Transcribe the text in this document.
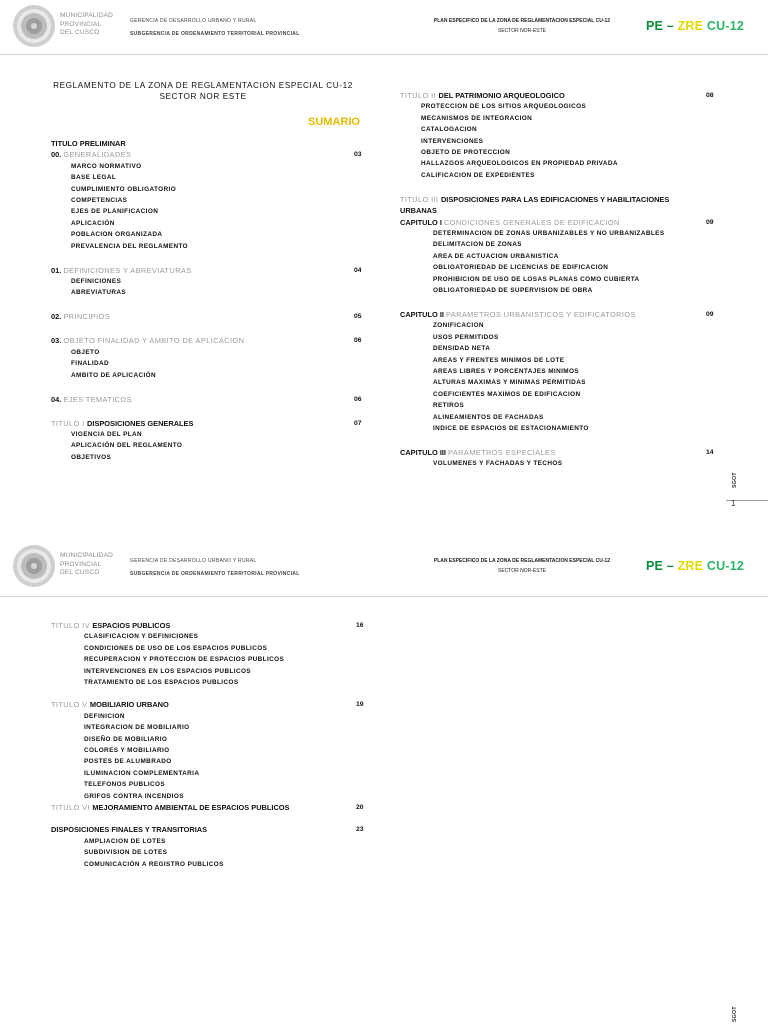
MUNICIPALIDAD
PROVINCIAL
DEL CUSCO
GERENCIA DE DESARROLLO URBANO Y RURAL
SUBGERENCIA DE ORDENAMIENTO TERRITORIAL PROVINCIAL
PLAN ESPECIFICO DE LA ZONA DE REGLAMENTACION ESPECIAL CU-12
SECTOR NOR-ESTE	PE – ZRE CU-12
REGLAMENTO DE LA ZONA DE REGLAMENTACION ESPECIAL CU-12
SECTOR NOR ESTE
SUMARIO
TITULO PRELIMINAR
00. GENERALIDADES	03
MARCO NORMATIVO
BASE LEGAL
CUMPLIMIENTO OBLIGATORIO
COMPETENCIAS
EJES DE PLANIFICACION
APLICACIÓN
POBLACION ORGANIZADA
PREVALENCIA DEL REGLAMENTO
01. DEFINICIONES Y ABREVIATURAS	04
DEFINICIONES
ABREVIATURAS
02. PRINCIPIOS	05
03. OBJETO FINALIDAD Y AMBITO DE APLICACION	06
OBJETO
FINALIDAD
AMBITO DE APLICACIÓN
04. EJES TEMATICOS	06
TITULO I DISPOSICIONES GENERALES	07
VIGENCIA DEL PLAN
APLICACIÓN DEL REGLAMENTO
OBJETIVOS
TITULO II DEL PATRIMONIO ARQUEOLOGICO	08
PROTECCION DE LOS SITIOS ARQUEOLOGICOS
MECANISMOS DE INTEGRACION
CATALOGACION
INTERVENCIONES
OBJETO DE PROTECCION
HALLAZGOS ARQUEOLOGICOS EN PROPIEDAD PRIVADA
CALIFICACION DE EXPEDIENTES
TITULO III DISPOSICIONES PARA LAS EDIFICACIONES Y HABILITACIONES
URBANAS
CAPITULO I CONDICIONES GENERALES DE EDIFICACION	09
DETERMINACION DE ZONAS URBANIZABLES Y NO URBANIZABLES
DELIMITACION DE ZONAS
AREA DE ACTUACION URBANISTICA
OBLIGATORIEDAD DE LICENCIAS DE EDIFICACION
PROHIBICION DE USO DE LOSAS PLANAS COMO CUBIERTA
OBLIGATORIEDAD DE SUPERVISION DE OBRA
CAPITULO II PARAMETROS URBANISTICOS Y EDIFICATORIOS	09
ZONIFICACION
USOS PERMITIDOS
DENSIDAD NETA
AREAS Y FRENTES MINIMOS DE LOTE
AREAS LIBRES Y PORCENTAJES MINIMOS
ALTURAS MAXIMAS Y MINIMAS PERMITIDAS
COEFICIENTES MAXIMOS DE EDIFICACION
RETIROS
ALINEAMIENTOS DE FACHADAS
INDICE DE ESPACIOS DE ESTACIONAMIENTO
CAPITULO III PARAMETROS ESPECIALES	14
VOLUMENES Y FACHADAS Y TECHOS
SGOT
1
MUNICIPALIDAD
PROVINCIAL
DEL CUSCO
GERENCIA DE DESARROLLO URBANO Y RURAL
SUBGERENCIA DE ORDENAMIENTO TERRITORIAL PROVINCIAL
PLAN ESPECIFICO DE LA ZONA DE REGLAMENTACION ESPECIAL CU-12
SECTOR NOR-ESTE	PE – ZRE CU-12
TITULO IV ESPACIOS PUBLICOS	16
CLASIFICACION Y DEFINICIONES
CONDICIONES DE USO DE LOS ESPACIOS PUBLICOS
RECUPERACION Y PROTECCION DE ESPACIOS PUBLICOS
INTERVENCIONES EN LOS ESPACIOS PUBLICOS
TRATAMIENTO DE LOS ESPACIOS PUBLICOS
TITULO V MOBILIARIO URBANO	19
DEFINICION
INTEGRACION DE MOBILIARIO
DISEÑO DE MOBILIARIO
COLORES Y MOBILIARIO
POSTES DE ALUMBRADO
ILUMINACION COMPLEMENTARIA
TELEFONOS PUBLICOS
GRIFOS CONTRA INCENDIOS
TITULO VI MEJORAMIENTO AMBIENTAL DE ESPACIOS PUBLICOS	20
DISPOSICIONES FINALES Y TRANSITORIAS	23
AMPLIACION DE LOTES
SUBDIVISION DE LOTES
COMUNICACIÓN A REGISTRO PUBLICOS
SGOT
